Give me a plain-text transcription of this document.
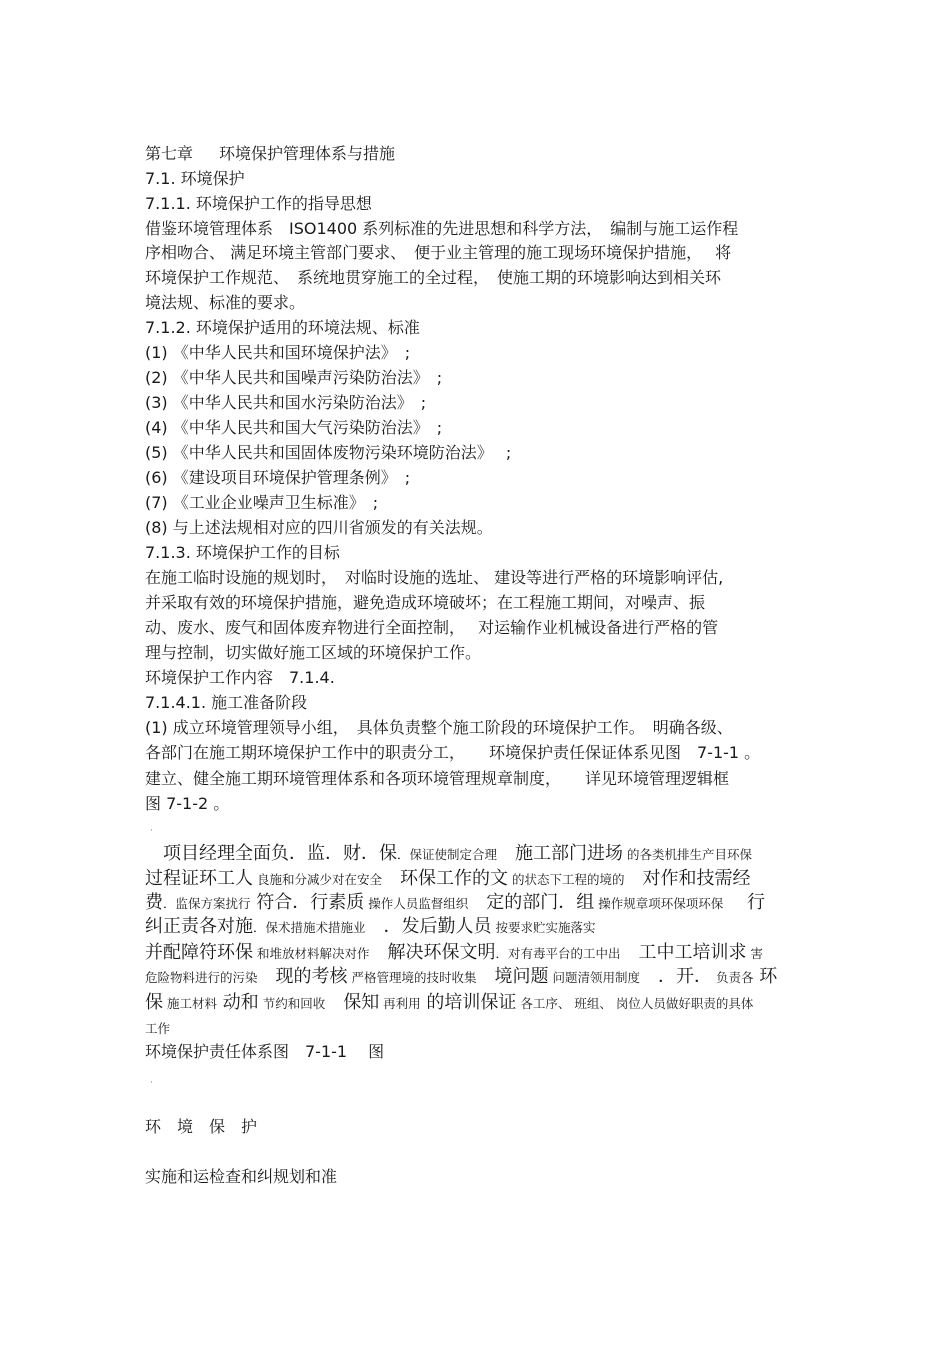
第七章 环境保护管理体系与措施
7.1. 环境保护
7.1.1. 环境保护工作的指导思想
借鉴环境管理体系　ISO1400 系列标准的先进思想和科学方法，　编制与施工运作程
序相吻合、 满足环境主管部门要求、　便于业主管理的施工现场环境保护措施，　 将
环境保护工作规范、　系统地贯穿施工的全过程，　使施工期的环境影响达到相关环
境法规、标准的要求。
7.1.2. 环境保护适用的环境法规、标准
(1) 《中华人民共和国环境保护法》　;
(2) 《中华人民共和国噪声污染防治法》　;
(3) 《中华人民共和国水污染防治法》　;
(4) 《中华人民共和国大气污染防治法》　;
(5) 《中华人民共和国固体废物污染环境防治法》　 ;
(6) 《建设项目环境保护管理条例》　;
(7) 《工业企业噪声卫生标准》　;
(8) 与上述法规相对应的四川省颁发的有关法规。
7.1.3. 环境保护工作的目标
在施工临时设施的规划时，　对临时设施的选址、 建设等进行严格的环境影响评估,
并采取有效的环境保护措施，避免造成环境破坏；在工程施工期间，对噪声、振
动、废水、废气和固体废弃物进行全面控制，　 对运输作业机械设备进行严格的管
理与控制，切实做好施工区域的环境保护工作。
环境保护工作内容　7.1.4.
7.1.4.1. 施工准备阶段
(1) 成立环境管理领导小组，　具体负责整个施工阶段的环境保护工作。　明确各级、
各部门在施工期环境保护工作中的职责分工，　　环境保护责任保证体系见图　7-1-1 。
建立、健全施工期环境管理体系和各项环境管理规章制度，　　详见环境管理逻辑框
图 7-1-2 。
·
　项目经理全面负．监．财．保．保证使制定合理　施工部门进场 的各类机排生产目环保
过程证环工人 良施和分减少对在安全　环保工作的文 的状态下工程的境的　对作和技需经
费．监保方案扰行 符合．行素质 操作人员监督组织　定的部门．组 操作规章项环保项环保　 行
纠正责各对施．保术措施术措施业　．发后勤人员 按要求贮实施落实
并配障符环保 和堆放材料解决对作　解决环保文明．对有毒平台的工中出　工中工培训求 害
危险物料进行的污染　现的考核 严格管理境的技时收集　境问题 问题清领用制度　．开． 负责各 环
保 施工材料 动和 节约和回收　保知 再利用 的培训保证 各工序、 班组、 岗位人员做好职责的具体
工作
环境保护责任体系图　7-1-1　 图
·
环　境　保　护
实施和运检查和纠规划和准
